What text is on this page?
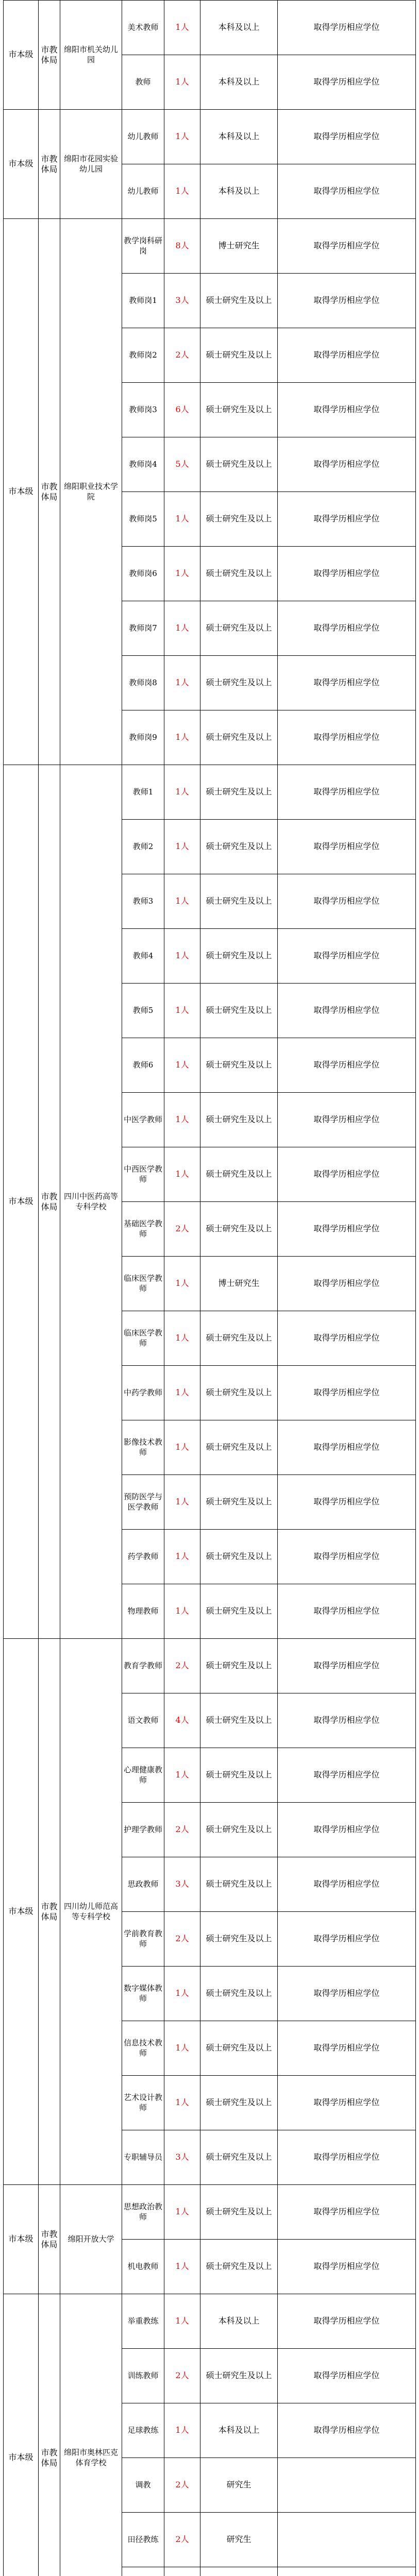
市本级	市教体局	绵阳市机关幼儿园	美术教师	1人	本科及以上	取得学历相应学位
			教师	1人	本科及以上	取得学历相应学位
市本级	市教体局	绵阳市花园实验幼儿园	幼儿教师	1人	本科及以上	取得学历相应学位
			幼儿教师	1人	本科及以上	取得学历相应学位
市本级	市教体局	绵阳职业技术学院	教学岗科研岗	8人	博士研究生	取得学历相应学位
			教师岗1	3人	硕士研究生及以上	取得学历相应学位
			教师岗2	2人	硕士研究生及以上	取得学历相应学位
			教师岗3	6人	硕士研究生及以上	取得学历相应学位
			教师岗4	5人	硕士研究生及以上	取得学历相应学位
			教师岗5	1人	硕士研究生及以上	取得学历相应学位
			教师岗6	1人	硕士研究生及以上	取得学历相应学位
			教师岗7	1人	硕士研究生及以上	取得学历相应学位
			教师岗8	1人	硕士研究生及以上	取得学历相应学位
			教师岗9	1人	硕士研究生及以上	取得学历相应学位
市本级	市教体局	四川中医药高等专科学校	教师1	1人	硕士研究生及以上	取得学历相应学位
			教师2	1人	硕士研究生及以上	取得学历相应学位
			教师3	1人	硕士研究生及以上	取得学历相应学位
			教师4	1人	硕士研究生及以上	取得学历相应学位
			教师5	1人	硕士研究生及以上	取得学历相应学位
			教师6	1人	硕士研究生及以上	取得学历相应学位
			中医学教师	1人	硕士研究生及以上	取得学历相应学位
			中西医学教师	1人	硕士研究生及以上	取得学历相应学位
			基础医学教师	2人	硕士研究生及以上	取得学历相应学位
			临床医学教师	1人	博士研究生	取得学历相应学位
			临床医学教师	1人	硕士研究生及以上	取得学历相应学位
			中药学教师	1人	硕士研究生及以上	取得学历相应学位
			影像技术教师	1人	硕士研究生及以上	取得学历相应学位
			预防医学与医学教师	1人	硕士研究生及以上	取得学历相应学位
			药学教师	1人	硕士研究生及以上	取得学历相应学位
			物理教师	1人	硕士研究生及以上	取得学历相应学位
市本级	市教体局	四川幼儿师范高等专科学校	教育学教师	2人	硕士研究生及以上	取得学历相应学位
			语文教师	4人	硕士研究生及以上	取得学历相应学位
			心理健康教师	1人	硕士研究生及以上	取得学历相应学位
			护理学教师	2人	硕士研究生及以上	取得学历相应学位
			思政教师	3人	硕士研究生及以上	取得学历相应学位
			学前教育教师	2人	硕士研究生及以上	取得学历相应学位
			数字媒体教师	1人	硕士研究生及以上	取得学历相应学位
			信息技术教师	1人	硕士研究生及以上	取得学历相应学位
			艺术设计教师	1人	硕士研究生及以上	取得学历相应学位
			专职辅导员	3人	硕士研究生及以上	取得学历相应学位
市本级	市教体局	绵阳开放大学	思想政治教师	1人	硕士研究生及以上	取得学历相应学位
			机电教师	1人	硕士研究生及以上	取得学历相应学位
市本级	市教体局	绵阳市奥林匹克体育学校	举重教练	1人	本科及以上	取得学历相应学位
			训练教师	2人	硕士研究生及以上	取得学历相应学位
			足球教练	1人	本科及以上	取得学历相应学位
			调教	2人	研究生	
			田径教练	2人	研究生	
